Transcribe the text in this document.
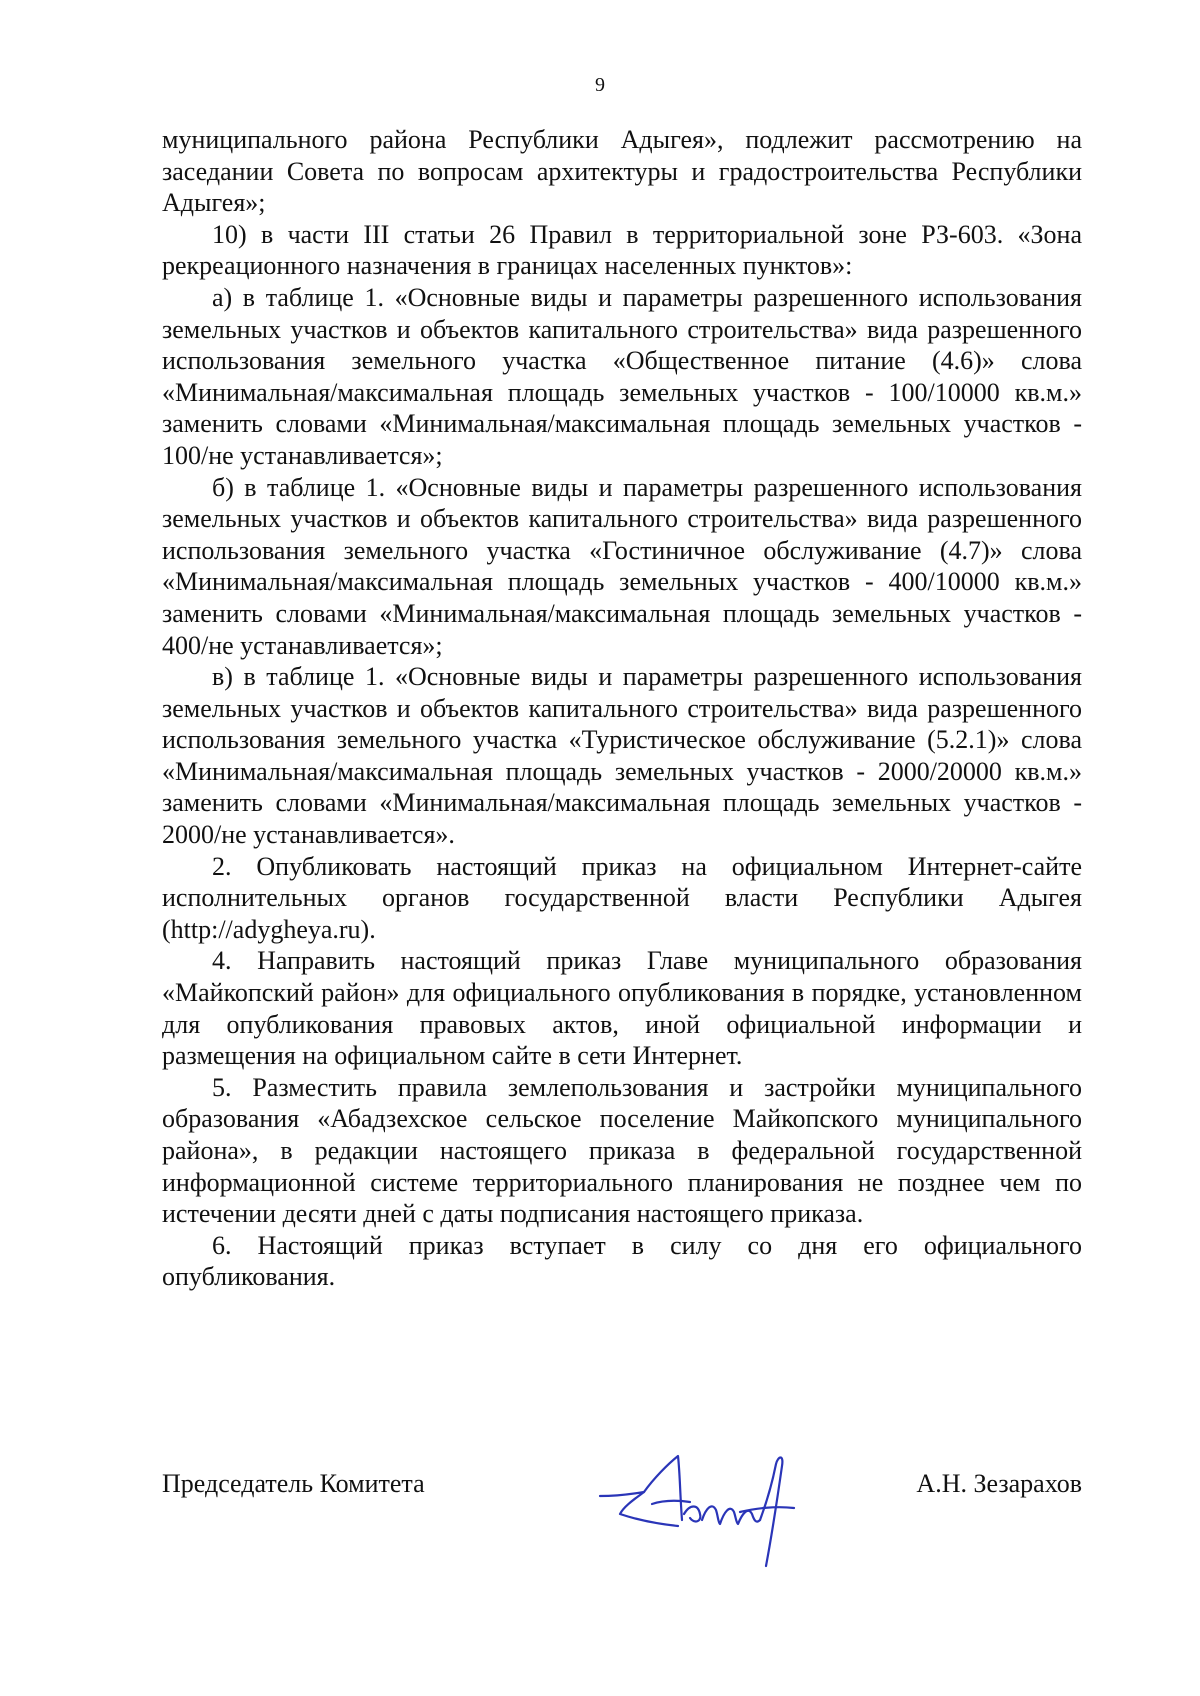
9

муниципального района Республики Адыгея», подлежит рассмотрению на заседании Совета по вопросам архитектуры и градостроительства Республики Адыгея»;

10) в части III статьи 26 Правил в территориальной зоне РЗ-603. «Зона рекреационного назначения в границах населенных пунктов»:

а) в таблице 1. «Основные виды и параметры разрешенного использования земельных участков и объектов капитального строительства» вида разрешенного использования земельного участка «Общественное питание (4.6)» слова «Минимальная/максимальная площадь земельных участков - 100/10000 кв.м.» заменить словами «Минимальная/максимальная площадь земельных участков - 100/не устанавливается»;

б) в таблице 1. «Основные виды и параметры разрешенного использования земельных участков и объектов капитального строительства» вида разрешенного использования земельного участка «Гостиничное обслуживание (4.7)» слова «Минимальная/максимальная площадь земельных участков - 400/10000 кв.м.» заменить словами «Минимальная/максимальная площадь земельных участков - 400/не устанавливается»;

в) в таблице 1. «Основные виды и параметры разрешенного использования земельных участков и объектов капитального строительства» вида разрешенного использования земельного участка «Туристическое обслуживание (5.2.1)» слова «Минимальная/максимальная площадь земельных участков - 2000/20000 кв.м.» заменить словами «Минимальная/максимальная площадь земельных участков - 2000/не устанавливается».

2. Опубликовать настоящий приказ на официальном Интернет-сайте исполнительных органов государственной власти Республики Адыгея (http://adygheya.ru).

4. Направить настоящий приказ Главе муниципального образования «Майкопский район» для официального опубликования в порядке, установленном для опубликования правовых актов, иной официальной информации и размещения на официальном сайте в сети Интернет.

5. Разместить правила землепользования и застройки муниципального образования «Абадзехское сельское поселение Майкопского муниципального района», в редакции настоящего приказа в федеральной государственной информационной системе территориального планирования не позднее чем по истечении десяти дней с даты подписания настоящего приказа.

6. Настоящий приказ вступает в силу со дня его официального опубликования.

Председатель Комитета	А.Н. Зезарахов
